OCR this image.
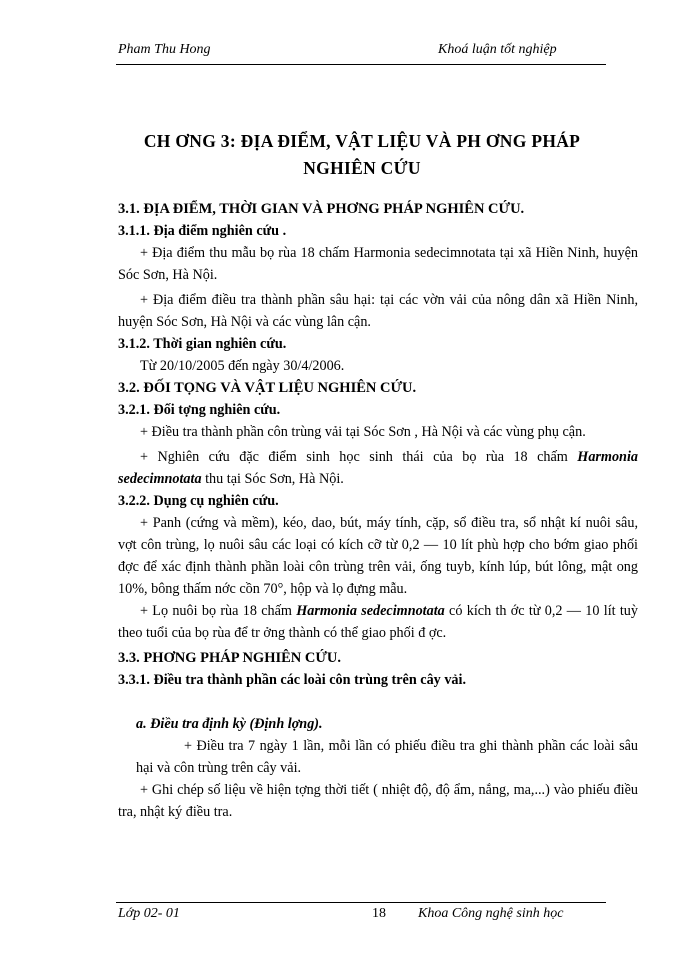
Pham Thu Hong	Khoá luận tốt nghiệp
CH ƠNG 3: ĐỊA ĐIỂM, VẬT LIỆU VÀ PH ƠNG PHÁP
NGHIÊN CỨU

3.1. ĐỊA ĐIỂM, THỜI GIAN VÀ PHƠNG PHÁP NGHIÊN CỨU.

3.1.1. Địa điểm nghiên cứu .

+ Địa điểm thu mẫu bọ rùa 18 chấm Harmonia sedecimnotata tại xã Hiền Ninh, huyện Sóc Sơn, Hà Nội.

+ Địa điểm điều tra thành phần sâu hại: tại các vờn vải của nông dân xã Hiền Ninh, huyện Sóc Sơn, Hà Nội và các vùng lân cận.

3.1.2. Thời gian nghiên cứu.

Từ 20/10/2005 đến ngày 30/4/2006.

3.2. ĐỐI TỌNG VÀ VẬT LIỆU NGHIÊN CỨU.

3.2.1. Đối tợng nghiên cứu.

+ Điều tra thành phần côn trùng vải tại Sóc Sơn , Hà Nội và các vùng phụ cận.

+ Nghiên cứu đặc điểm sinh học sinh thái của bọ rùa 18 chấm Harmonia sedecimnotata thu tại Sóc Sơn, Hà Nội.

3.2.2. Dụng cụ nghiên cứu.

+ Panh (cứng và mềm), kéo, dao, bút, máy tính, cặp, sổ điều tra, sổ nhật kí nuôi sâu, vợt côn trùng, lọ nuôi sâu các loại có kích cỡ từ 0,2 — 10 lít phù hợp cho bớm giao phối đợc để xác định thành phần loài côn trùng trên vải, ống tuyb, kính lúp, bút lông, mật ong 10%, bông thấm nớc cồn 70°, hộp và lọ đựng mẫu.

+ Lọ nuôi bọ rùa 18 chấm Harmonia sedecimnotata có kích th ớc từ 0,2 — 10 lít tuỳ theo tuổi của bọ rùa để tr ởng thành có thể giao phối đ ợc.

3.3. PHƠNG PHÁP NGHIÊN CỨU.

3.3.1. Điều tra thành phần các loài côn trùng trên cây vải.

a. Điều tra định kỳ (Định lợng).

+ Điều tra 7 ngày 1 lần, mỗi lần có phiếu điều tra ghi thành phần các loài sâu hại và côn trùng trên cây vải.

+ Ghi chép số liệu về hiện tợng thời tiết ( nhiệt độ, độ ẩm, nắng, ma,...) vào phiếu điều tra, nhật ký điều tra.

Lớp 02- 01	18 Khoa Công nghệ sinh học
